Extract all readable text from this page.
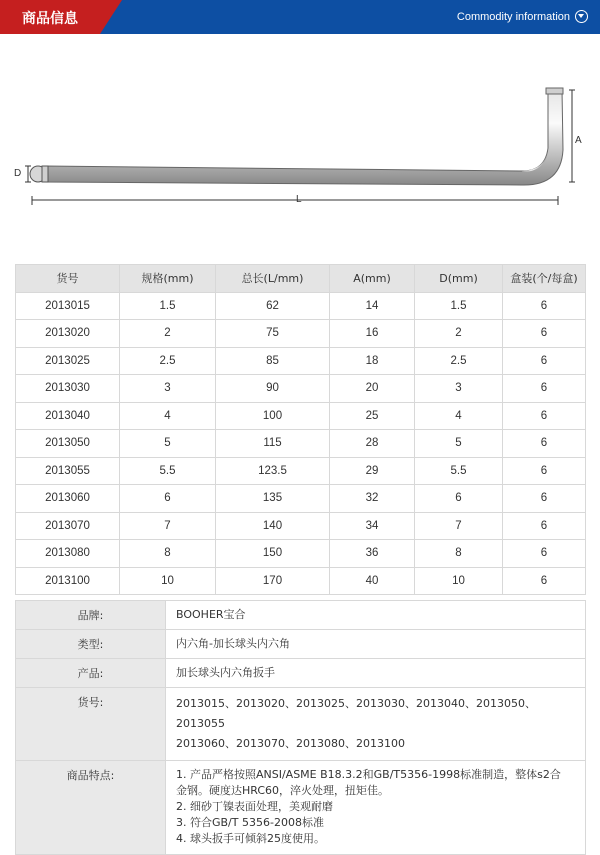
商品信息	Commodity information
D
A
L
货号	规格(mm)	总长(L/mm)	A(mm)	D(mm)	盒装(个/每盒)
2013015	1.5	62	14	1.5	6
2013020	2	75	16	2	6
2013025	2.5	85	18	2.5	6
2013030	3	90	20	3	6
2013040	4	100	25	4	6
2013050	5	115	28	5	6
2013055	5.5	123.5	29	5.5	6
2013060	6	135	32	6	6
2013070	7	140	34	7	6
2013080	8	150	36	8	6
2013100	10	170	40	10	6
品牌:	BOOHER宝合
类型:	内六角-加长球头内六角
产品:	加长球头内六角扳手
货号:	2013015、2013020、2013025、2013030、2013040、2013050、2013055
2013060、2013070、2013080、2013100

商品特点:	1. 产品严格按照ANSI/ASME B18.3.2和GB/T5356-1998标准制造，整体s2合
金钢。硬度达HRC60，淬火处理，扭矩佳。
2. 细砂丁镍表面处理，美观耐磨
3. 符合GB/T 5356-2008标准
4. 球头扳手可倾斜25度使用。
